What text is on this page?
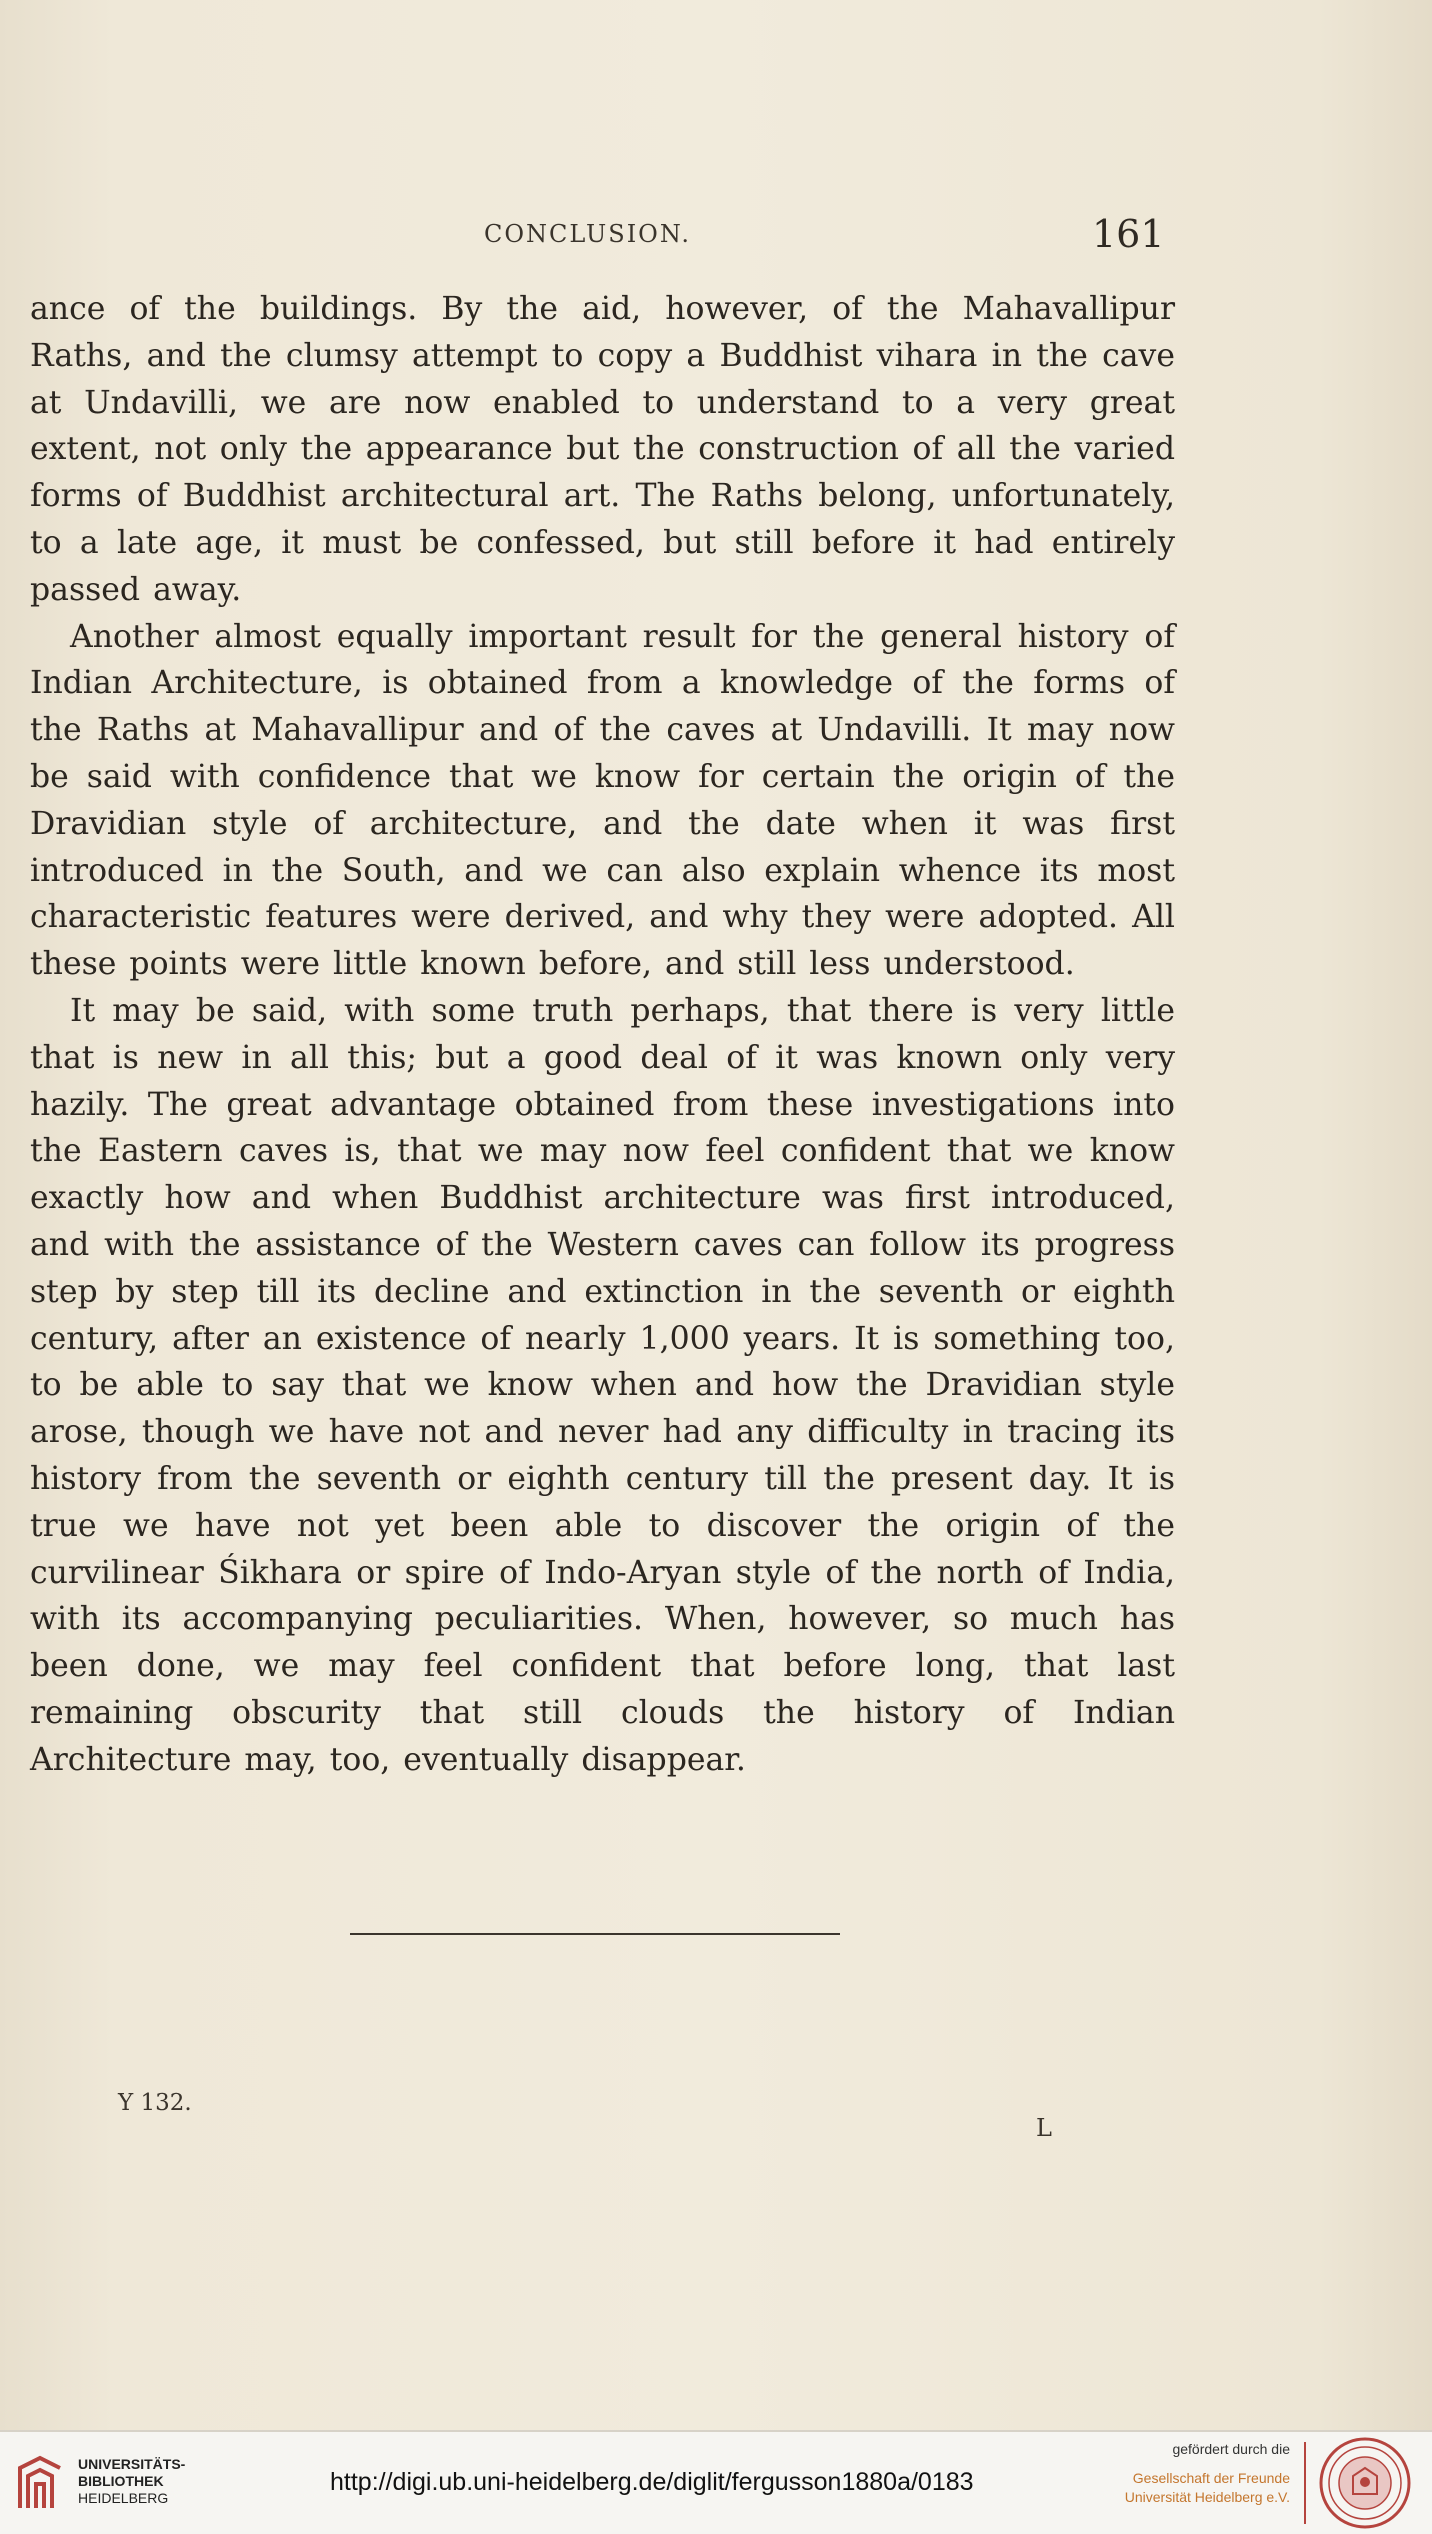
CONCLUSION.	161

ance of the buildings. By the aid, however, of the Mahavallipur Raths, and the clumsy attempt to copy a Buddhist vihara in the cave at Undavilli, we are now enabled to understand to a very great extent, not only the appearance but the construction of all the varied forms of Buddhist architectural art. The Raths belong, unfortunately, to a late age, it must be confessed, but still before it had entirely passed away.

Another almost equally important result for the general history of Indian Architecture, is obtained from a knowledge of the forms of the Raths at Mahavallipur and of the caves at Undavilli. It may now be said with confidence that we know for certain the origin of the Dravidian style of architecture, and the date when it was first introduced in the South, and we can also explain whence its most characteristic features were derived, and why they were adopted. All these points were little known before, and still less understood.

It may be said, with some truth perhaps, that there is very little that is new in all this; but a good deal of it was known only very hazily. The great advantage obtained from these investigations into the Eastern caves is, that we may now feel confident that we know exactly how and when Buddhist architecture was first introduced, and with the assistance of the Western caves can follow its progress step by step till its decline and extinction in the seventh or eighth century, after an existence of nearly 1,000 years. It is something too, to be able to say that we know when and how the Dravidian style arose, though we have not and never had any difficulty in tracing its history from the seventh or eighth century till the present day. It is true we have not yet been able to discover the origin of the curvilinear Śikhara or spire of Indo-Aryan style of the north of India, with its accompanying peculiarities. When, however, so much has been done, we may feel confident that before long, that last remaining obscurity that still clouds the history of Indian Architecture may, too, eventually disappear.

Y 132.
L
UNIVERSITÄTS-
BIBLIOTHEK
HEIDELBERG
http://digi.ub.uni-heidelberg.de/diglit/fergusson1880a/0183
gefördert durch die
Gesellschaft der Freunde
Universität Heidelberg e.V.
